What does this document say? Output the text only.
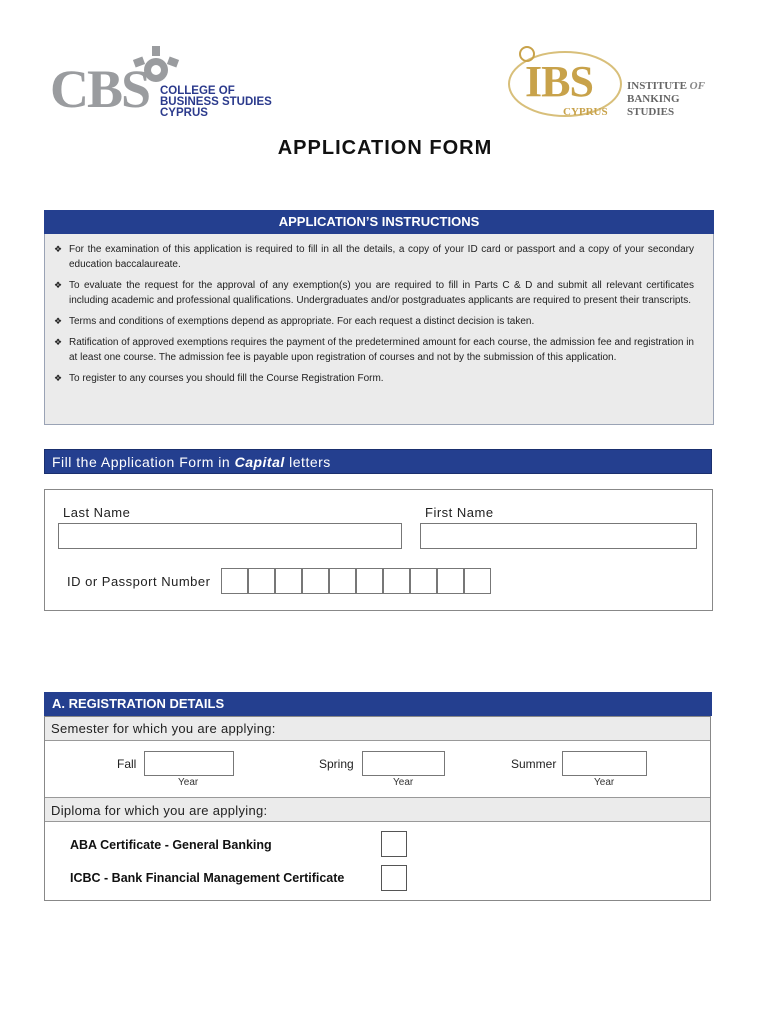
CBS COLLEGE OF
BUSINESS STUDIES
CYPRUS
IBS
CYPRUS
INSTITUTE OF
BANKING
STUDIES
APPLICATION FORM
APPLICATION’S INSTRUCTIONS
❖ For the examination of this application is required to fill in all the details, a copy of your ID card or passport and a copy of your secondary education baccalaureate.
❖ To evaluate the request for the approval of any exemption(s) you are required to fill in Parts C & D and submit all relevant certificates including academic and professional qualifications. Undergraduates and/or postgraduates applicants are required to present their transcripts.
❖ Terms and conditions of exemptions depend as appropriate. For each request a distinct decision is taken.
❖ Ratification of approved exemptions requires the payment of the predetermined amount for each course, the admission fee and registration in at least one course. The admission fee is payable upon registration of courses and not by the submission of this application.
❖ To register to any courses you should fill the Course Registration Form.
Fill the Application Form in Capital letters
Last Name	First Name
ID or Passport Number
A. REGISTRATION DETAILS
Semester for which you are applying:
Fall
Year
Spring
Year
Summer
Year
Diploma for which you are applying:
ABA Certificate - General Banking
ICBC - Bank Financial Management Certificate
